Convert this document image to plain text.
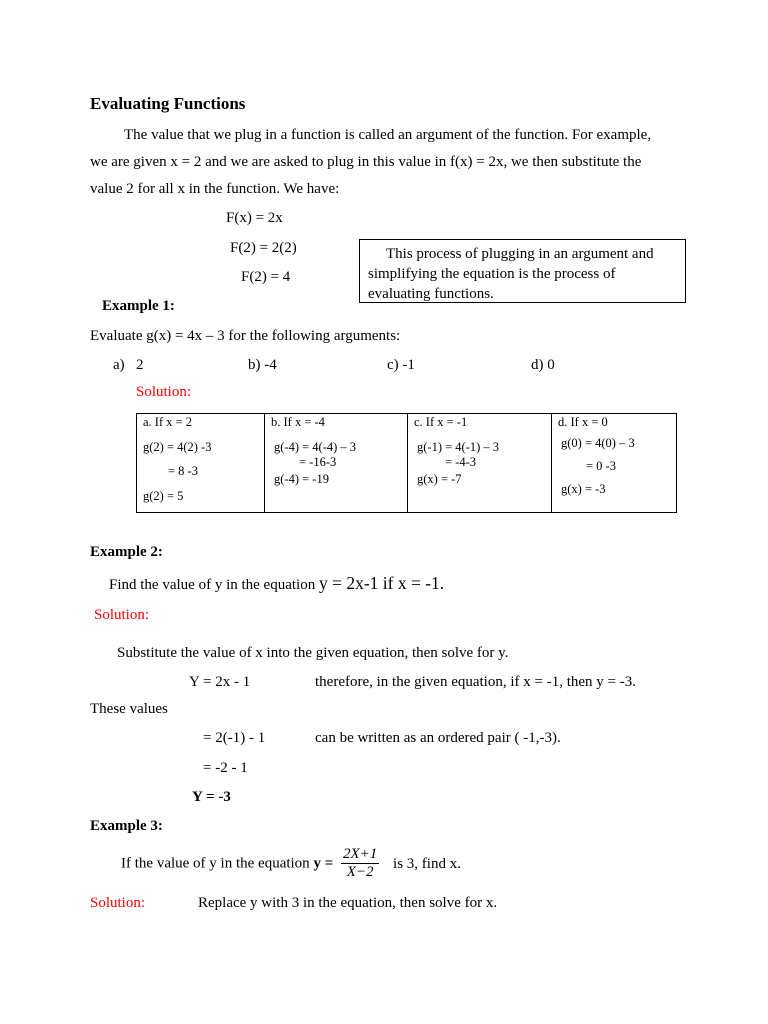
Evaluating Functions
The value that we plug in a function is called an argument of the function. For example,
we are given x = 2 and we are asked to plug in this value in f(x) = 2x, we then substitute the
value 2 for all x in the function. We have:
F(x) = 2x
F(2) = 2(2)
F(2) = 4
This process of plugging in an argument and
simplifying the equation is the process of
evaluating functions.
Example 1:
Evaluate g(x) = 4x – 3 for the following arguments:
a) 2	b) -4	c) -1	d) 0
Solution:
a. If x = 2
g(2) = 4(2) -3
= 8 -3
g(2) = 5

b. If x = -4
g(-4) = 4(-4) – 3
= -16-3
g(-4) = -19

c. If x = -1
g(-1) = 4(-1) – 3
= -4-3
g(x) = -7

d. If x = 0
g(0) = 4(0) – 3
= 0 -3
g(x) = -3
Example 2:
Find the value of y in the equation y = 2x-1 if x = -1.
Solution:
Substitute the value of x into the given equation, then solve for y.
Y = 2x - 1	therefore, in the given equation, if x = -1, then y = -3.
These values
= 2(-1) - 1	can be written as an ordered pair ( -1,-3).
= -2 - 1
Y = -3
Example 3:
If the value of y in the equation $y = \frac{2X+1}{X-2}$ is 3, find x.
Solution:	Replace y with 3 in the equation, then solve for x.
